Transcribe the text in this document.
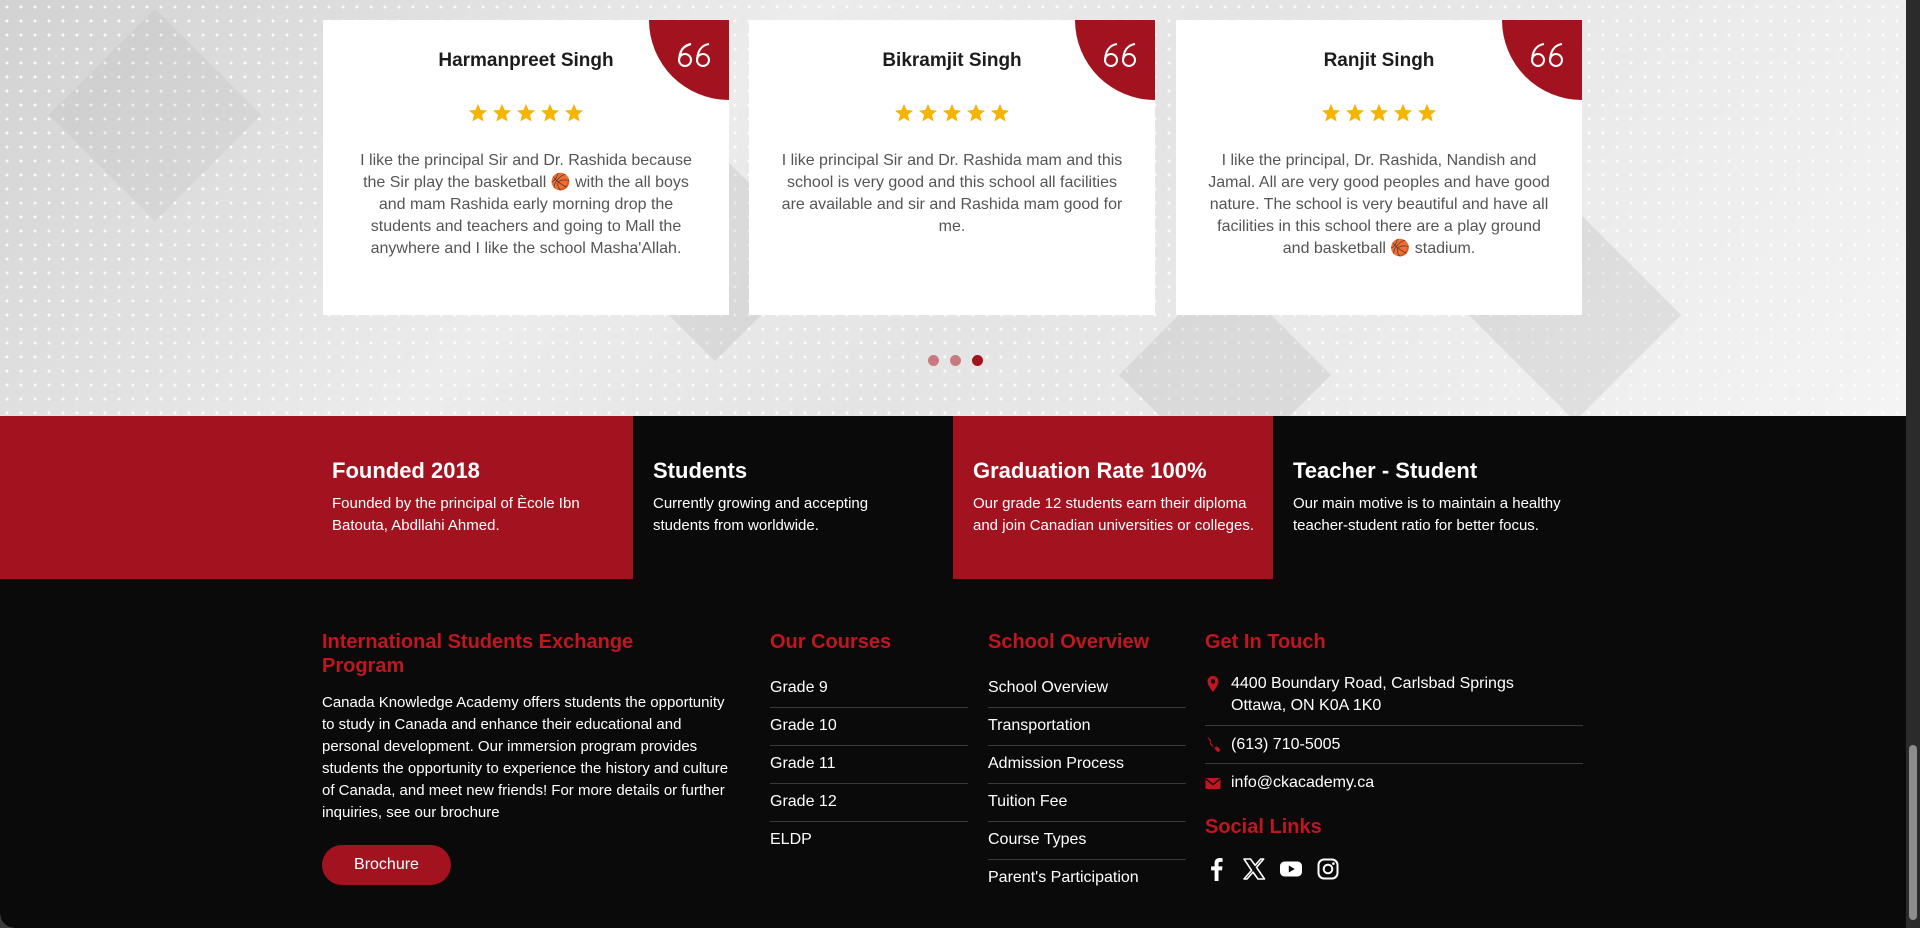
Harmanpreet Singh
I like the principal Sir and Dr. Rashida because the Sir play the basketball 🏀 with the all boys and mam Rashida early morning drop the students and teachers and going to Mall the anywhere and I like the school Masha'Allah.
Bikramjit Singh
I like principal Sir and Dr. Rashida mam and this school is very good and this school all facilities are available and sir and Rashida mam good for me.
Ranjit Singh
I like the principal, Dr. Rashida, Nandish and Jamal. All are very good peoples and have good nature. The school is very beautiful and have all facilities in this school there are a play ground and basketball 🏀 stadium.
Founded 2018
Founded by the principal of Ècole Ibn Batouta, Abdllahi Ahmed.
Students
Currently growing and accepting students from worldwide.
Graduation Rate 100%
Our grade 12 students earn their diploma and join Canadian universities or colleges.
Teacher - Student
Our main motive is to maintain a healthy teacher-student ratio for better focus.
International Students Exchange Program
Canada Knowledge Academy offers students the opportunity to study in Canada and enhance their educational and personal development. Our immersion program provides students the opportunity to experience the history and culture of Canada, and meet new friends! For more details or further inquiries, see our brochure
Brochure
Our Courses
Grade 9
Grade 10
Grade 11
Grade 12
ELDP
School Overview
School Overview
Transportation
Admission Process
Tuition Fee
Course Types
Parent's Participation
Get In Touch
4400 Boundary Road, Carlsbad Springs
Ottawa, ON K0A 1K0
(613) 710-5005
info@ckacademy.ca
Social Links
